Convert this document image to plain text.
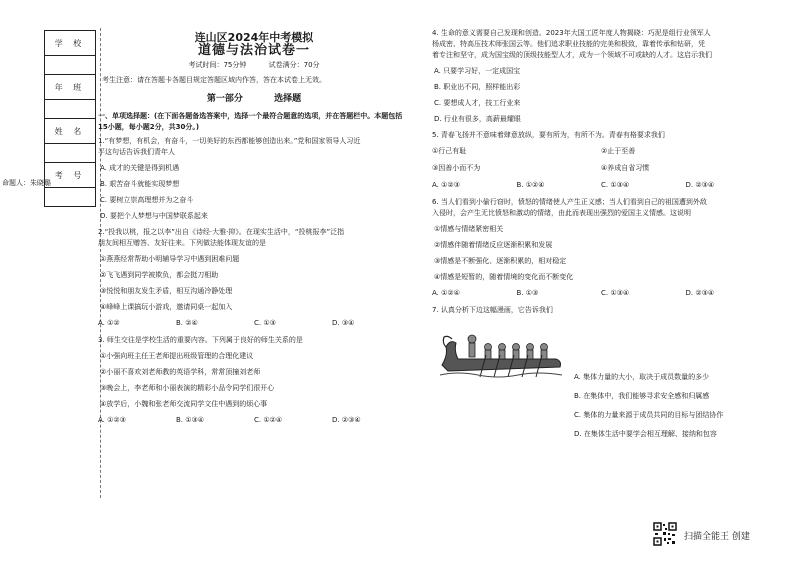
学 校
年 班
姓 名
考 号
命题人：朱晓璐
连山区2024年中考模拟
道德与法治试卷一
考试时间：75分钟	试卷满分：70分
考生注意：请在答题卡各题目规定答题区域内作答，答在本试卷上无效。
第一部分	选择题
一、单项选择题：(在下面各题备选答案中，选择一个最符合题意的选项，并在答题栏中。本题包括15小题，每小题2分，共30分。)

1.“有梦想，有机会，有奋斗，一切美好的东西都能够创造出来。”党和国家领导人习近
平这句话告诉我们青年人

A. 成才的关键是得到机遇

B. 艰苦奋斗就能实现梦想

C. 要树立崇高理想并为之奋斗

D. 要把个人梦想与中国梦联系起来

2.“投我以桃，报之以李”出自《诗经·大雅·抑》。在现实生活中，“投桃报李”泛指
朋友间相互赠答、友好往来。下列做法能体现友谊的是

①燕燕经常帮助小明辅导学习中遇到困难问题

②飞飞遇到同学被欺负，都会挺刀相助

③悦悦和朋友发生矛盾，相互沟通冷静处理

④峰峰上课搞玩小游戏，邀请同桌一起加入

A. ①②	B. ②④	C. ①③	D. ③④

3. 师生交往是学校生活的重要内容。下列属于良好的师生关系的是

①小强向班主任王老师提出班级管理的合理化建议

②小丽不喜欢刘老师教的英语学科，常常顶撞刘老师

③晚会上，李老师和小丽表演的精彩小品令同学们很开心

④放学后，小魏和张老师交流同学文住中遇到的烦心事

A. ①②③	B. ①③④	C. ①②④	D. ②③④

4. 生命的意义需要自己发现和创造。2023年大国工匠年度人物揭晓：巧泥是组行业领军人
杨成密、特高压技术师张国云等。他们追求职业技能的完美和极致，靠着传承和钻研，凭
着专注和坚守，成为国宝级的顶级技能型人才，成为一个领域不可或缺的人才。这启示我们

A. 只要学习好，一定成国宝

B. 职业出不同，照样能出彩

C. 要想成人才，技工行业来

D. 行业有很多，高薪最耀眼

5. 青春飞扬并不意味着肆意放纵，要有所为，有所不为。青春有格要求我们

①行己有耻	②止于至善
③因善小而不为	④养成自省习惯
A. ①②③	B. ①②④	C. ①③④	D. ②③④

6. 当人们看到小偷行窃时，愤怒的情绪使人产生正义感；当人们看到自己的祖国遭到外敌
入侵时，会产生无比愤怒和激动的情绪，由此而表现出强烈的爱国主义情感。这说明

①情感与情绪紧密相关

②情感伴随着情绪反应逐渐积累和发展

③情感是不断强化、逐渐积累的，相对稳定

④情感是短暂的，随着情境的变化而不断变化

A. ①②④	B. ①③	C. ①③④	D. ②③④

7. 认真分析下边这幅漫画，它告诉我们

A. 集体力量的大小，取决于成员数量的多少

B. 在集体中，我们能够寻求安全感和归属感

C. 集体的力量来源于成员共同的目标与团结协作

D. 在集体生活中要学会相互理解、接纳和包容

扫描全能王 创建
